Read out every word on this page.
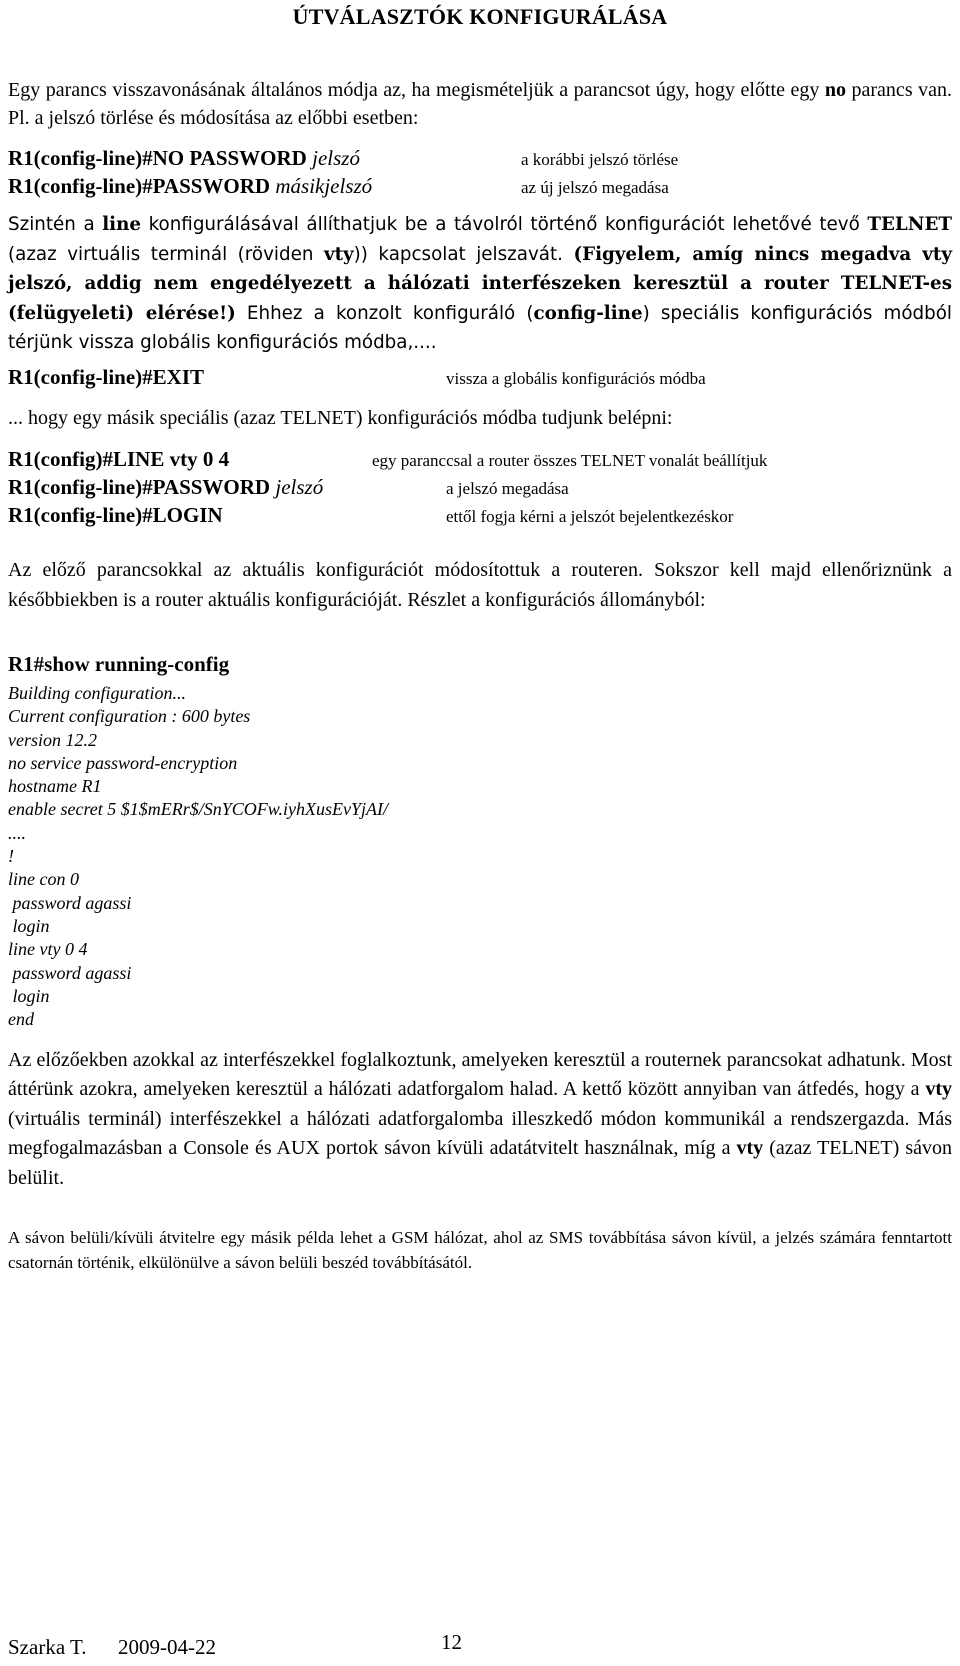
ÚTVÁLASZTÓK KONFIGURÁLÁSA

Egy parancs visszavonásának általános módja az, ha megismételjük a parancsot úgy, hogy előtte egy no parancs van. Pl. a jelszó törlése és módosítása az előbbi esetben:

R1(config-line)#NO PASSWORD jelszó	a korábbi jelszó törlése
R1(config-line)#PASSWORD másikjelszó	az új jelszó megadása

Szintén a line konfigurálásával állíthatjuk be a távolról történő konfigurációt lehetővé tevő TELNET (azaz virtuális terminál (röviden vty)) kapcsolat jelszavát. (Figyelem, amíg nincs megadva vty jelszó, addig nem engedélyezett a hálózati interfészeken keresztül a router TELNET-es (felügyeleti) elérése!) Ehhez a konzolt konfiguráló (config-line) speciális konfigurációs módból térjünk vissza globális konfigurációs módba,....

R1(config-line)#EXIT	vissza a globális konfigurációs módba

... hogy egy másik speciális (azaz TELNET) konfigurációs módba tudjunk belépni:

R1(config)#LINE vty 0 4	egy paranccsal a router összes TELNET vonalát beállítjuk
R1(config-line)#PASSWORD jelszó	a jelszó megadása
R1(config-line)#LOGIN	ettől fogja kérni a jelszót bejelentkezéskor

Az előző parancsokkal az aktuális konfigurációt módosítottuk a routeren. Sokszor kell majd ellenőriznünk a későbbiekben is a router aktuális konfigurációját. Részlet a konfigurációs állományból:

R1#show running-config
Building configuration...
Current configuration : 600 bytes
version 12.2
no service password-encryption
hostname R1
enable secret 5 $1$mERr$/SnYCOFw.iyhXusEvYjAI/
....
!
line con 0
password agassi
login
line vty 0 4
password agassi
login
end

Az előzőekben azokkal az interfészekkel foglalkoztunk, amelyeken keresztül a routernek parancsokat adhatunk. Most áttérünk azokra, amelyeken keresztül a hálózati adatforgalom halad. A kettő között annyiban van átfedés, hogy a vty (virtuális terminál) interfészekkel a hálózati adatforgalomba illeszkedő módon kommunikál a rendszergazda. Más megfogalmazásban a Console és AUX portok sávon kívüli adatátvitelt használnak, míg a vty (azaz TELNET) sávon belülit.

A sávon belüli/kívüli átvitelre egy másik példa lehet a GSM hálózat, ahol az SMS továbbítása sávon kívül, a jelzés számára fenntartott csatornán történik, elkülönülve a sávon belüli beszéd továbbításától.

Szarka T. 2009-04-22	12
